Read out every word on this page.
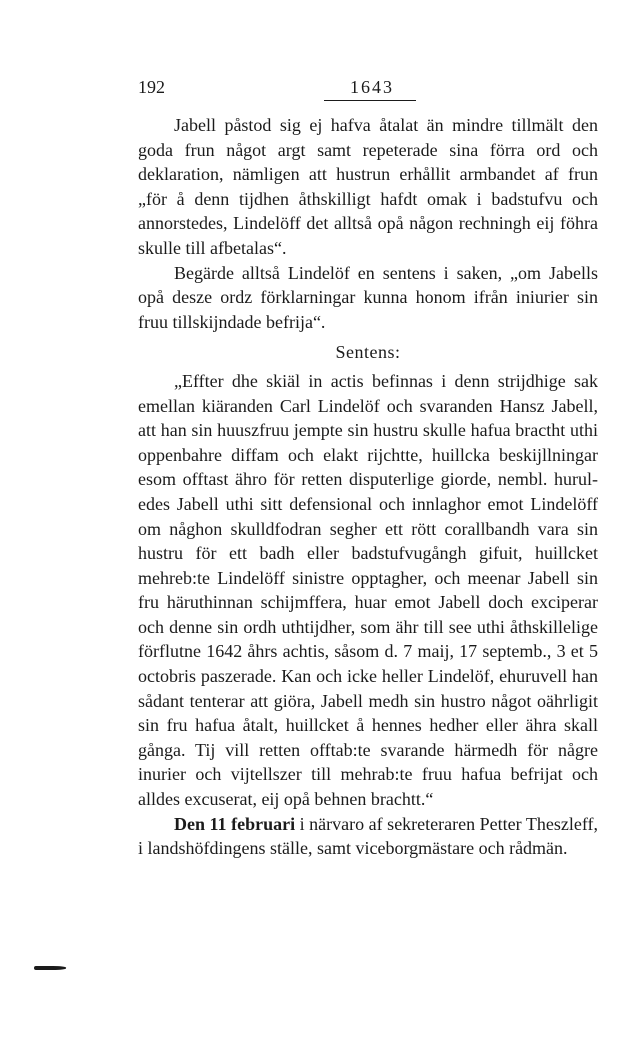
192	1643

Jabell påstod sig ej hafva åtalat än mindre tillmält den goda frun något argt samt repeterade sina förra ord och deklaration, nämligen att hustrun erhållit armbandet af frun „för å denn tijdhen åthskilligt hafdt omak i badstufvu och annorstedes, Lindelöff det alltså opå någon rechningh eij föhra skulle till afbetalas“.

Begärde alltså Lindelöf en sentens i saken, „om Jabells opå desze ordz förklarningar kunna honom ifrån iniurier sin fruu tillskijndade befrija“.

Sentens:

„Effter dhe skiäl in actis befinnas i denn strijdhige sak emellan kiäranden Carl Lindelöf och svaranden Hansz Jabell, att han sin huuszfruu jempte sin hustru skulle hafua bractht uthi oppenbahre diffam och elakt rijchtte, huillcka beskijllningar esom offtast ähro för retten disputerlige giorde, nembl. huruledes Jabell uthi sitt defensional och innlaghor emot Lindelöff om någhon skulldfodran segher ett rött corallbandh vara sin hustru för ett badh eller badstufvugångh gifuit, huillcket mehreb:te Lindelöff sinistre opptagher, och meenar Jabell sin fru häruthinnan schijmffera, huar emot Jabell doch exciperar och denne sin ordh uthtijdher, som ähr till see uthi åthskillelige förflutne 1642 åhrs achtis, såsom d. 7 maij, 17 septemb., 3 et 5 octobris paszerade. Kan och icke heller Lindelöf, ehuruvell han sådant tenterar att giöra, Jabell medh sin hustro något oährligit sin fru hafua åtalt, huillcket å hennes hedher eller ähra skall gånga. Tij vill retten offtab:te svarande härmedh för någre inurier och vijtellszer till mehrab:te fruu hafua befrijat och alldes excuserat, eij opå behnen brachtt.“

Den 11 februari i närvaro af sekreteraren Petter Theszleff, i landshöfdingens ställe, samt viceborgmästare och rådmän.
